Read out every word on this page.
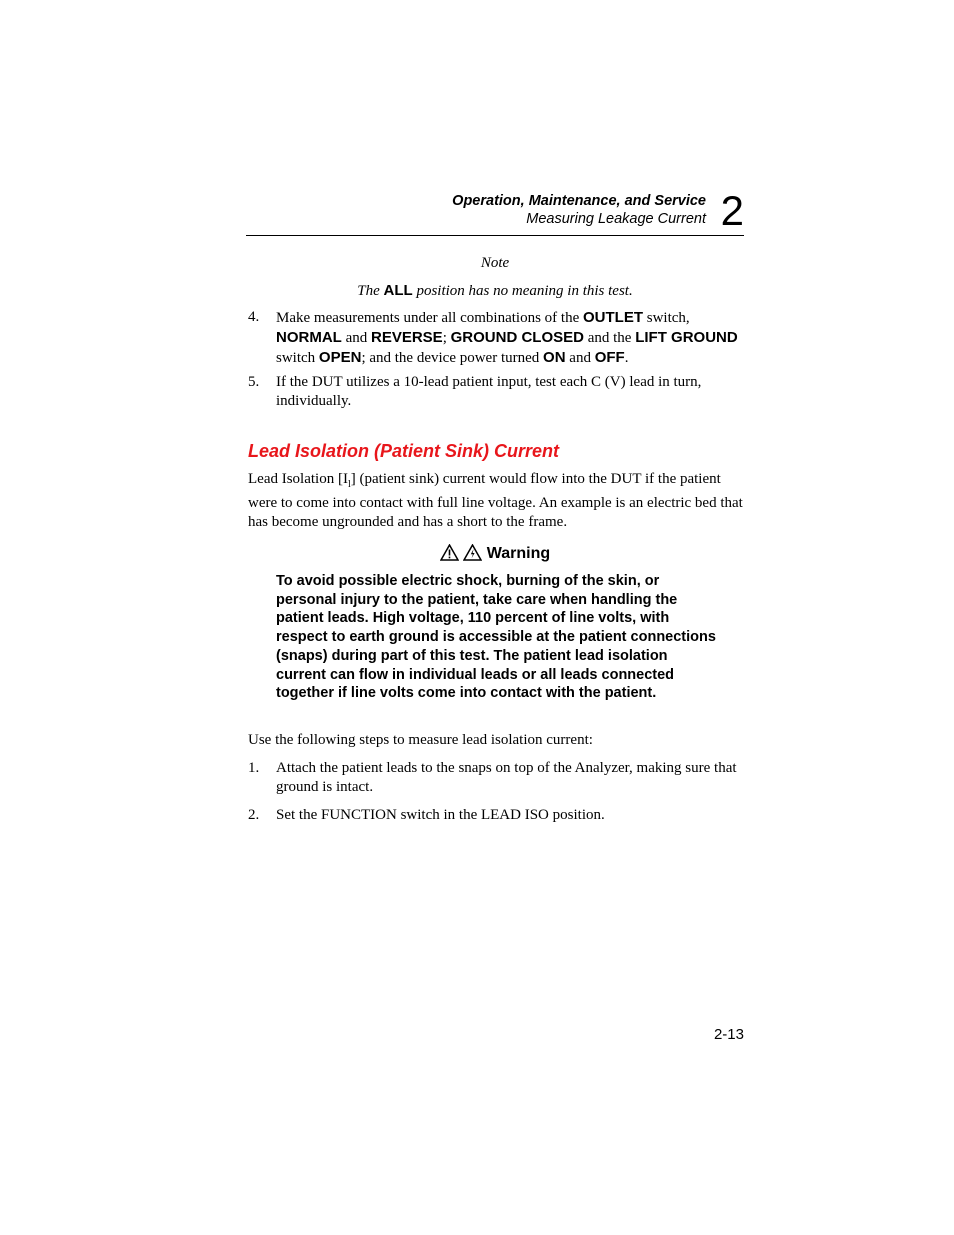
Operation, Maintenance, and Service
Measuring Leakage Current 2
Note
The ALL position has no meaning in this test.
4. Make measurements under all combinations of the OUTLET switch, NORMAL and REVERSE; GROUND CLOSED and the LIFT GROUND switch OPEN; and the device power turned ON and OFF.
5. If the DUT utilizes a 10-lead patient input, test each C (V) lead in turn, individually.
Lead Isolation (Patient Sink) Current
Lead Isolation $[I_l]$ (patient sink) current would flow into the DUT if the patient were to come into contact with full line voltage. An example is an electric bed that has become ungrounded and has a short to the frame.
Warning
To avoid possible electric shock, burning of the skin, or personal injury to the patient, take care when handling the patient leads. High voltage, 110 percent of line volts, with respect to earth ground is accessible at the patient connections (snaps) during part of this test. The patient lead isolation current can flow in individual leads or all leads connected together if line volts come into contact with the patient.
Use the following steps to measure lead isolation current:
1. Attach the patient leads to the snaps on top of the Analyzer, making sure that ground is intact.
2. Set the FUNCTION switch in the LEAD ISO position.
2-13
